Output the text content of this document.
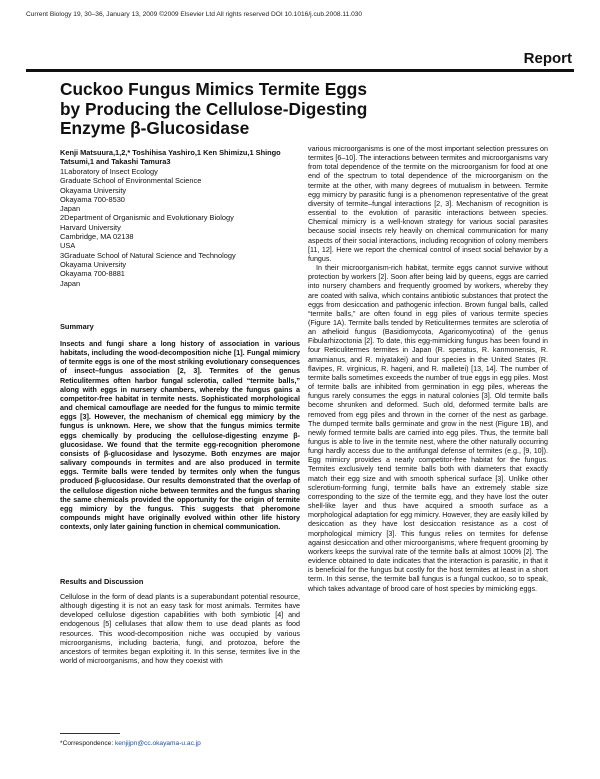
Current Biology 19, 30–36, January 13, 2009 ©2009 Elsevier Ltd All rights reserved DOI 10.1016/j.cub.2008.11.030
Report
Cuckoo Fungus Mimics Termite Eggs by Producing the Cellulose-Digesting Enzyme β-Glucosidase
Kenji Matsuura,1,2,* Toshihisa Yashiro,1 Ken Shimizu,1 Shingo Tatsumi,1 and Takashi Tamura3
1Laboratory of Insect Ecology
Graduate School of Environmental Science
Okayama University
Okayama 700-8530
Japan
2Department of Organismic and Evolutionary Biology
Harvard University
Cambridge, MA 02138
USA
3Graduate School of Natural Science and Technology
Okayama University
Okayama 700-8881
Japan
Summary
Insects and fungi share a long history of association in various habitats, including the wood-decomposition niche [1]. Fungal mimicry of termite eggs is one of the most striking evolutionary consequences of insect–fungus association [2, 3]. Termites of the genus Reticulitermes often harbor fungal sclerotia, called “termite balls,” along with eggs in nursery chambers, whereby the fungus gains a competitor-free habitat in termite nests. Sophisticated morphological and chemical camouflage are needed for the fungus to mimic termite eggs [3]. However, the mechanism of chemical egg mimicry by the fungus is unknown. Here, we show that the fungus mimics termite eggs chemically by producing the cellulose-digesting enzyme β-glucosidase. We found that the termite egg-recognition pheromone consists of β-glucosidase and lysozyme. Both enzymes are major salivary compounds in termites and are also produced in termite eggs. Termite balls were tended by termites only when the fungus produced β-glucosidase. Our results demonstrated that the overlap of the cellulose digestion niche between termites and the fungus sharing the same chemicals provided the opportunity for the origin of termite egg mimicry by the fungus. This suggests that pheromone compounds might have originally evolved within other life history contexts, only later gaining function in chemical communication.
Results and Discussion
Cellulose in the form of dead plants is a superabundant potential resource, although digesting it is not an easy task for most animals. Termites have developed cellulose digestion capabilities with both symbiotic [4] and endogenous [5] cellulases that allow them to use dead plants as food resources. This wood-decomposition niche was occupied by various microorganisms, including bacteria, fungi, and protozoa, before the ancestors of termites began exploiting it. In this sense, termites live in the world of microorganisms, and how they coexist with

various microorganisms is one of the most important selection pressures on termites [6–10]. The interactions between termites and microorganisms vary from total dependence of the termite on the microorganism for food at one end of the spectrum to total dependence of the microorganism on the termite at the other, with many degrees of mutualism in between. Termite egg mimicry by parasitic fungi is a phenomenon representative of the great diversity of termite–fungal interactions [2, 3]. Mechanism of recognition is essential to the evolution of parasitic interactions between species. Chemical mimicry is a well-known strategy for various social parasites because social insects rely heavily on chemical communication for many aspects of their social interactions, including recognition of colony members [11, 12]. Here we report the chemical control of insect social behavior by a fungus.

In their microorganism-rich habitat, termite eggs cannot survive without protection by workers [2]. Soon after being laid by queens, eggs are carried into nursery chambers and frequently groomed by workers, whereby they are coated with saliva, which contains antibiotic substances that protect the eggs from desiccation and pathogenic infection. Brown fungal balls, called “termite balls,” are often found in egg piles of various termite species (Figure 1A). Termite balls tended by Reticulitermes termites are sclerotia of an athelioid fungus (Basidiomycota, Agaricomycotina) of the genus Fibularhizoctonia [2]. To date, this egg-mimicking fungus has been found in four Reticulitermes termites in Japan (R. speratus, R. kanmonensis, R. amamianus, and R. miyatakei) and four species in the United States (R. flavipes, R. virginicus, R. hageni, and R. malletei) [13, 14]. The number of termite balls sometimes exceeds the number of true eggs in egg piles. Most of termite balls are inhibited from germination in egg piles, whereas the fungus rarely consumes the eggs in natural colonies [3]. Old termite balls become shrunken and deformed. Such old, deformed termite balls are removed from egg piles and thrown in the corner of the nest as garbage. The dumped termite balls germinate and grow in the nest (Figure 1B), and newly formed termite balls are carried into egg piles. Thus, the termite ball fungus is able to live in the termite nest, where the other naturally occurring fungi hardly access due to the antifungal defense of termites (e.g., [9, 10]). Egg mimicry provides a nearly competitor-free habitat for the fungus. Termites exclusively tend termite balls both with diameters that exactly match their egg size and with smooth spherical surface [3]. Unlike other sclerotium-forming fungi, termite balls have an extremely stable size corresponding to the size of the termite egg, and they have lost the outer shell-like layer and thus have acquired a smooth surface as a morphological adaptation for egg mimicry. However, they are easily killed by desiccation as they have lost desiccation resistance as a cost of morphological mimicry [3]. This fungus relies on termites for defense against desiccation and other microorganisms, where frequent grooming by workers keeps the survival rate of the termite balls at almost 100% [2]. The evidence obtained to date indicates that the interaction is parasitic, in that it is beneficial for the fungus but costly for the host termites at least in a short term. In this sense, the termite ball fungus is a fungal cuckoo, so to speak, which takes advantage of brood care of host species by mimicking eggs.

*Correspondence: kenjijpn@cc.okayama-u.ac.jp
